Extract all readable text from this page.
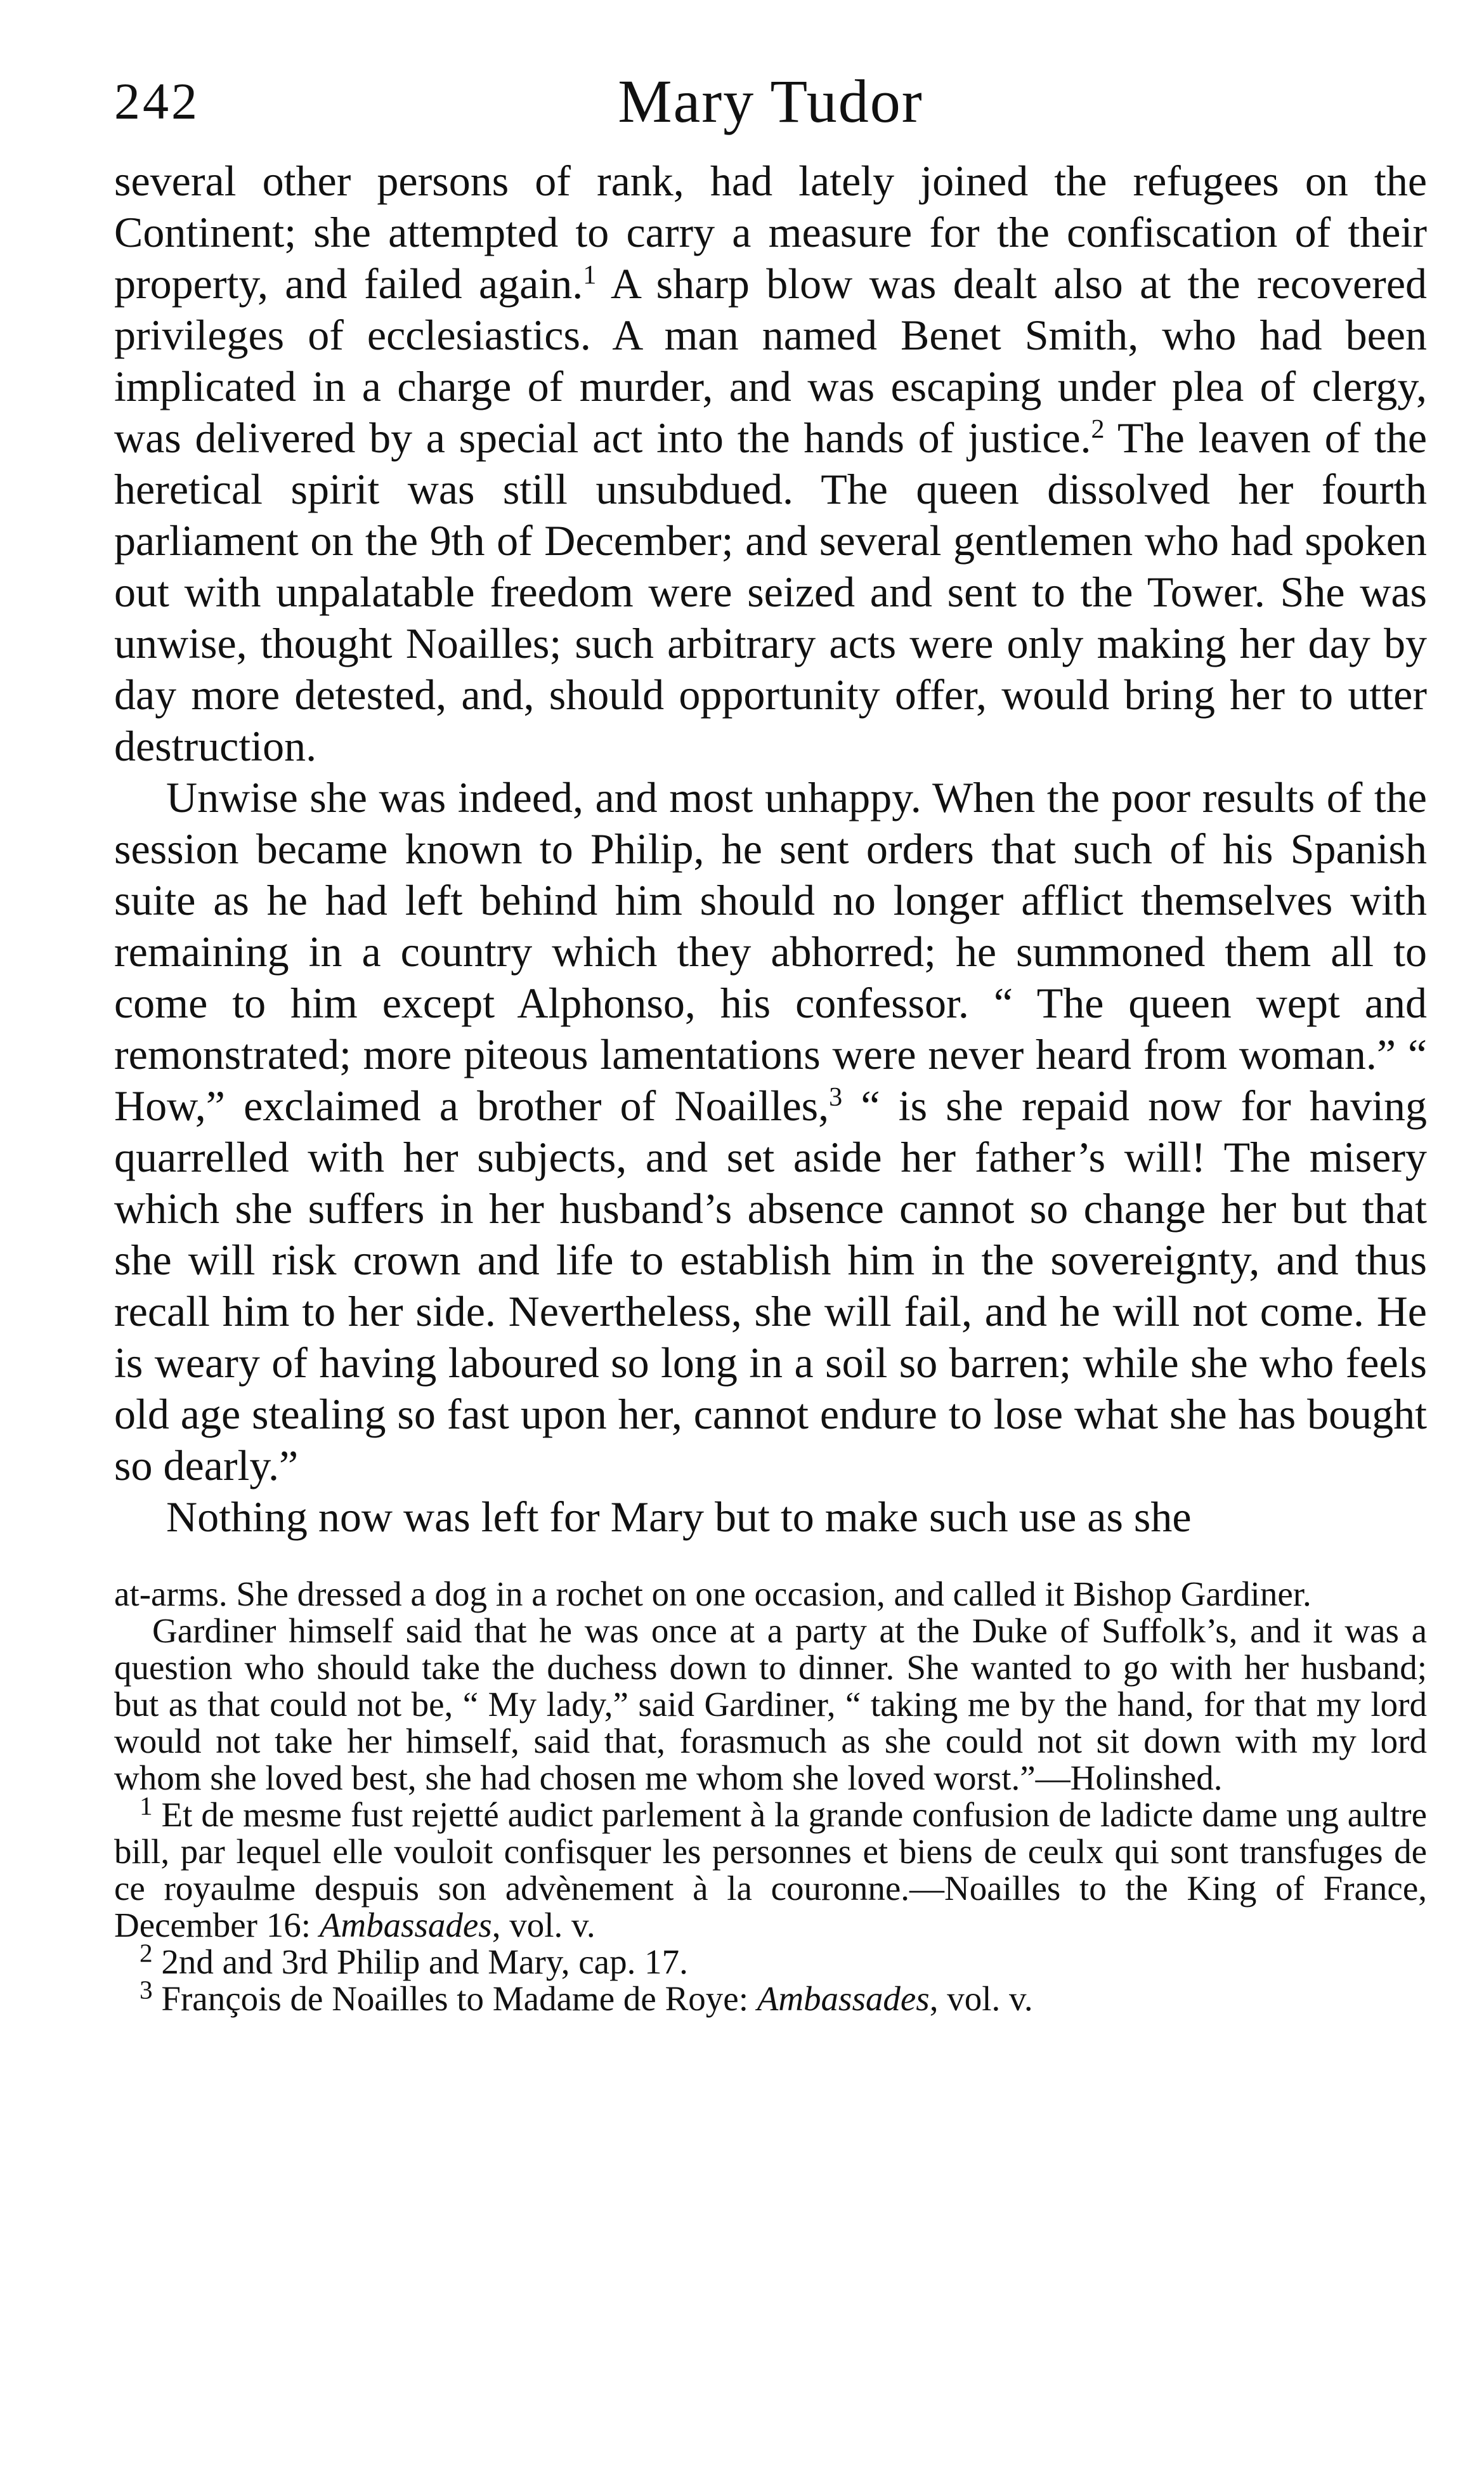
242	Mary Tudor

several other persons of rank, had lately joined the refugees on the Continent; she attempted to carry a measure for the confiscation of their property, and failed again.$^1$ A sharp blow was dealt also at the recovered privileges of ecclesiastics. A man named Benet Smith, who had been implicated in a charge of murder, and was escaping under plea of clergy, was delivered by a special act into the hands of justice.$^2$ The leaven of the heretical spirit was still unsubdued. The queen dissolved her fourth parliament on the 9th of December; and several gentlemen who had spoken out with unpalatable freedom were seized and sent to the Tower. She was unwise, thought Noailles; such arbitrary acts were only making her day by day more detested, and, should opportunity offer, would bring her to utter destruction.

Unwise she was indeed, and most unhappy. When the poor results of the session became known to Philip, he sent orders that such of his Spanish suite as he had left behind him should no longer afflict themselves with remaining in a country which they abhorred; he summoned them all to come to him except Alphonso, his confessor. “ The queen wept and remonstrated; more piteous lamentations were never heard from woman.” “ How,” exclaimed a brother of Noailles,$^3$ “ is she repaid now for having quarrelled with her subjects, and set aside her father’s will! The misery which she suffers in her husband’s absence cannot so change her but that she will risk crown and life to establish him in the sovereignty, and thus recall him to her side. Nevertheless, she will fail, and he will not come. He is weary of having laboured so long in a soil so barren; while she who feels old age stealing so fast upon her, cannot endure to lose what she has bought so dearly.”

Nothing now was left for Mary but to make such use as she

at-arms. She dressed a dog in a rochet on one occasion, and called it Bishop Gardiner.

Gardiner himself said that he was once at a party at the Duke of Suffolk’s, and it was a question who should take the duchess down to dinner. She wanted to go with her husband; but as that could not be, “ My lady,” said Gardiner, “ taking me by the hand, for that my lord would not take her himself, said that, forasmuch as she could not sit down with my lord whom she loved best, she had chosen me whom she loved worst.”—Holinshed.

$^1$ Et de mesme fust rejetté audict parlement à la grande confusion de ladicte dame ung aultre bill, par lequel elle vouloit confisquer les personnes et biens de ceulx qui sont transfuges de ce royaulme despuis son advènement à la couronne.—Noailles to the King of France, December 16: Ambassades, vol. v.

$^2$ 2nd and 3rd Philip and Mary, cap. 17.

$^3$ François de Noailles to Madame de Roye: Ambassades, vol. v.
